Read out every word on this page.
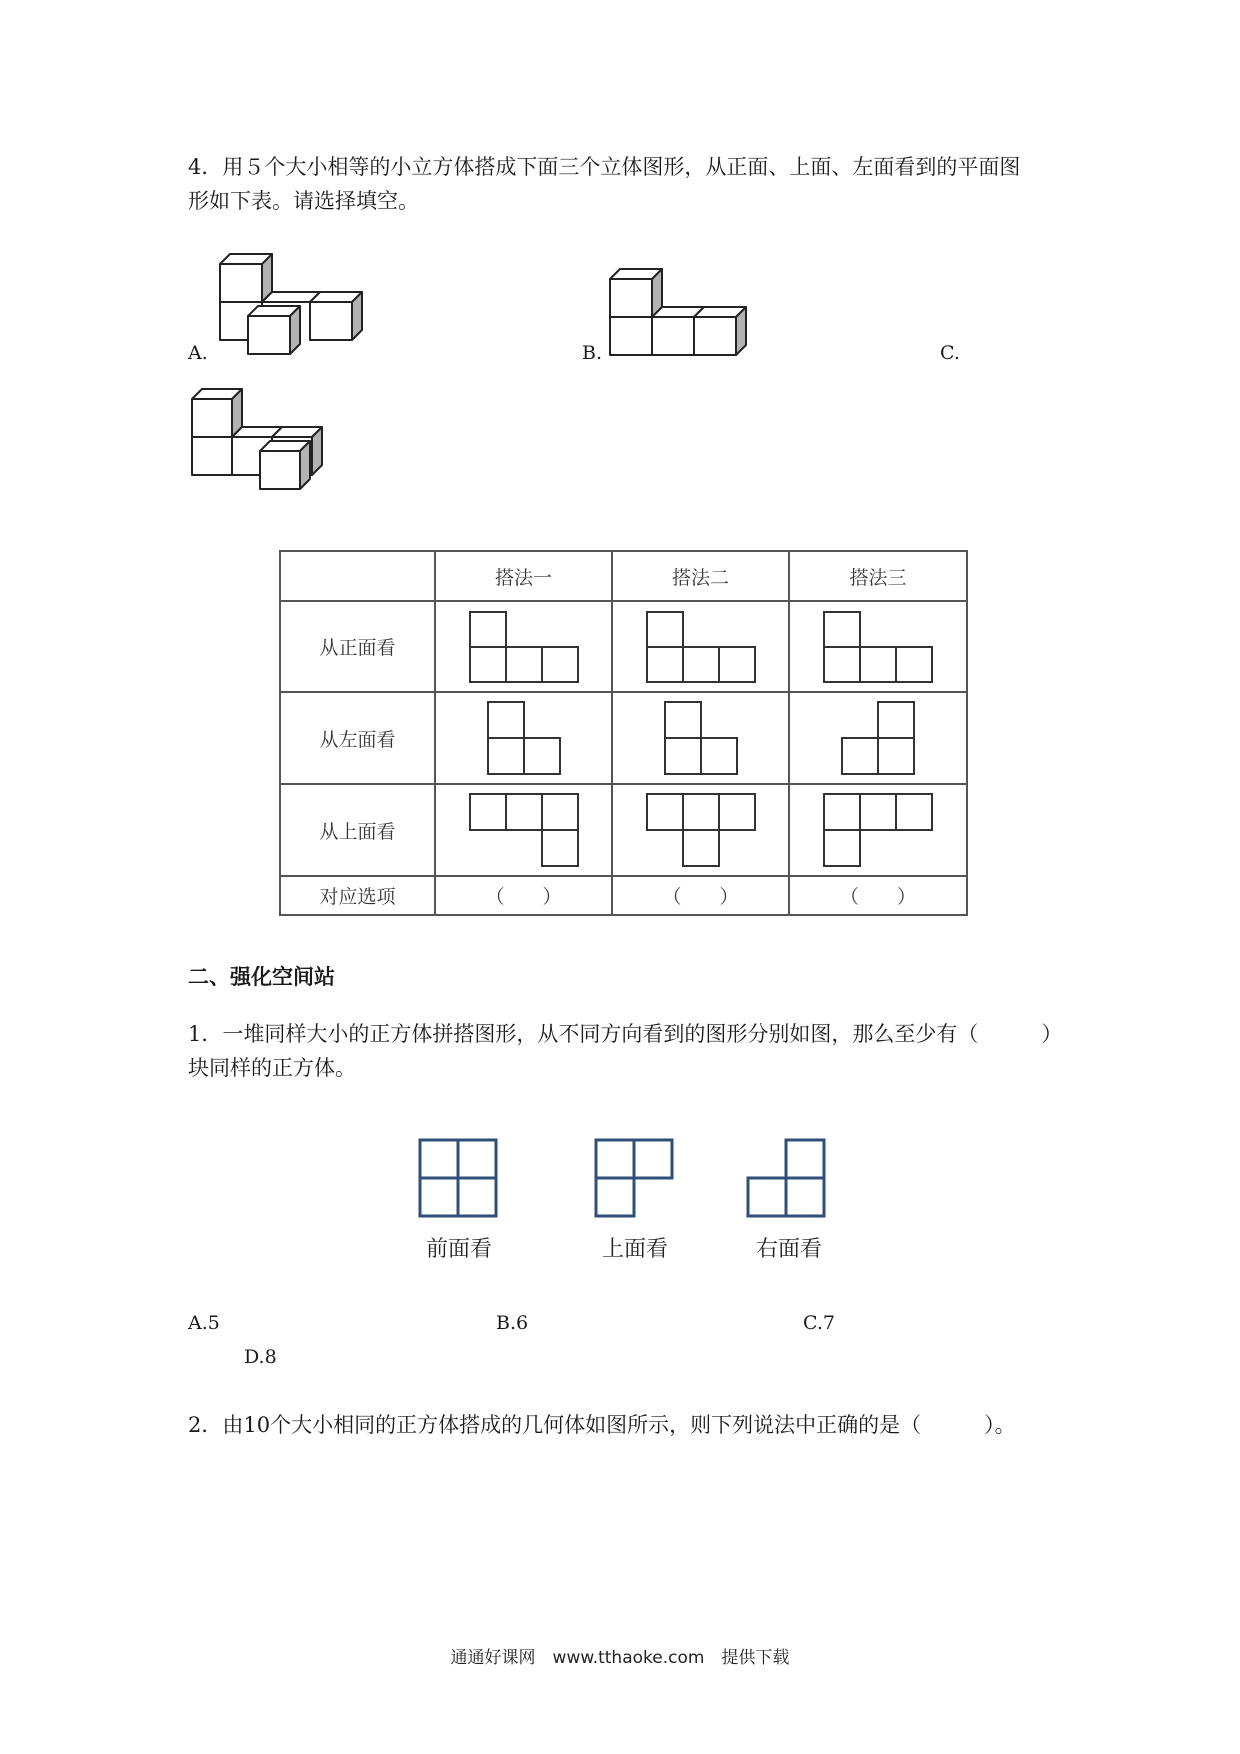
4．用５个大小相等的小立方体搭成下面三个立体图形，从正面、上面、左面看到的平面图
形如下表。请选择填空。
A.	B.	C.
	搭法一	搭法二	搭法三
从正面看	

从左面看	

从上面看	

对应选项	（　　）	（　　）	（　　）
二、强化空间站
1．一堆同样大小的正方体拼搭图形，从不同方向看到的图形分别如图，那么至少有（　　　）
块同样的正方体。
前面看	上面看	右面看
A.5	B.6	C.7
D.8
2．由10个大小相同的正方体搭成的几何体如图所示，则下列说法中正确的是（　　　）。
通通好课网　www.tthaoke.com　提供下载
